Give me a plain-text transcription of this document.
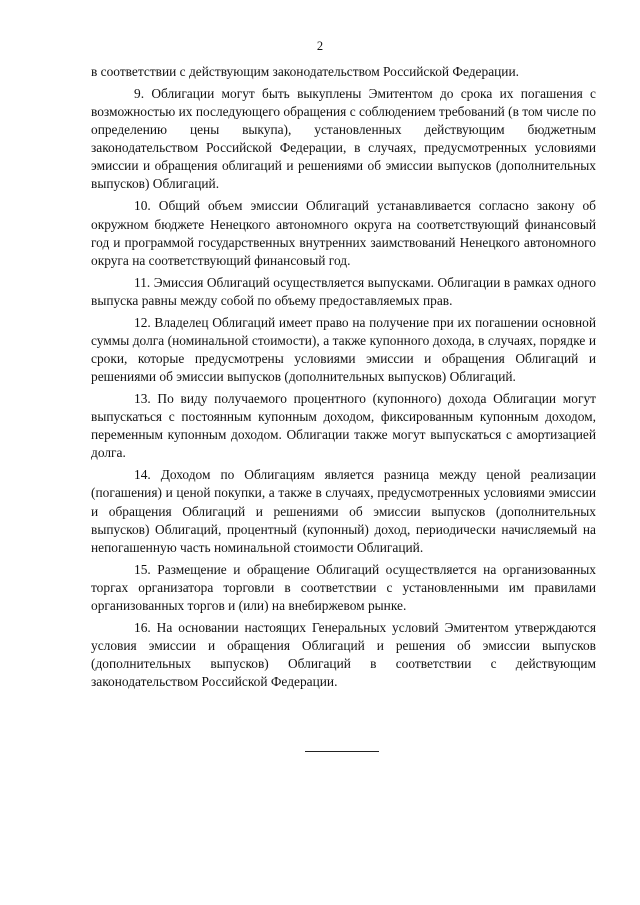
2

в соответствии с действующим законодательством Российской Федерации.

9. Облигации могут быть выкуплены Эмитентом до срока их погашения с возможностью их последующего обращения с соблюдением требований (в том числе по определению цены выкупа), установленных действующим бюджетным законодательством Российской Федерации, в случаях, предусмотренных условиями эмиссии и обращения облигаций и решениями об эмиссии выпусков (дополнительных выпусков) Облигаций.

10. Общий объем эмиссии Облигаций устанавливается согласно закону об окружном бюджете Ненецкого автономного округа на соответствующий финансовый год и программой государственных внутренних заимствований Ненецкого автономного округа на соответствующий финансовый год.

11. Эмиссия Облигаций осуществляется выпусками. Облигации в рамках одного выпуска равны между собой по объему предоставляемых прав.

12. Владелец Облигаций имеет право на получение при их погашении основной суммы долга (номинальной стоимости), а также купонного дохода, в случаях, порядке и сроки, которые предусмотрены условиями эмиссии и обращения Облигаций и решениями об эмиссии выпусков (дополнительных выпусков) Облигаций.

13. По виду получаемого процентного (купонного) дохода Облигации могут выпускаться с постоянным купонным доходом, фиксированным купонным доходом, переменным купонным доходом. Облигации также могут выпускаться с амортизацией долга.

14. Доходом по Облигациям является разница между ценой реализации (погашения) и ценой покупки, а также в случаях, предусмотренных условиями эмиссии и обращения Облигаций и решениями об эмиссии выпусков (дополнительных выпусков) Облигаций, процентный (купонный) доход, периодически начисляемый на непогашенную часть номинальной стоимости Облигаций.

15. Размещение и обращение Облигаций осуществляется на организованных торгах организатора торговли в соответствии с установленными им правилами организованных торгов и (или) на внебиржевом рынке.

16. На основании настоящих Генеральных условий Эмитентом утверждаются условия эмиссии и обращения Облигаций и решения об эмиссии выпусков (дополнительных выпусков) Облигаций в соответствии с действующим законодательством Российской Федерации.
